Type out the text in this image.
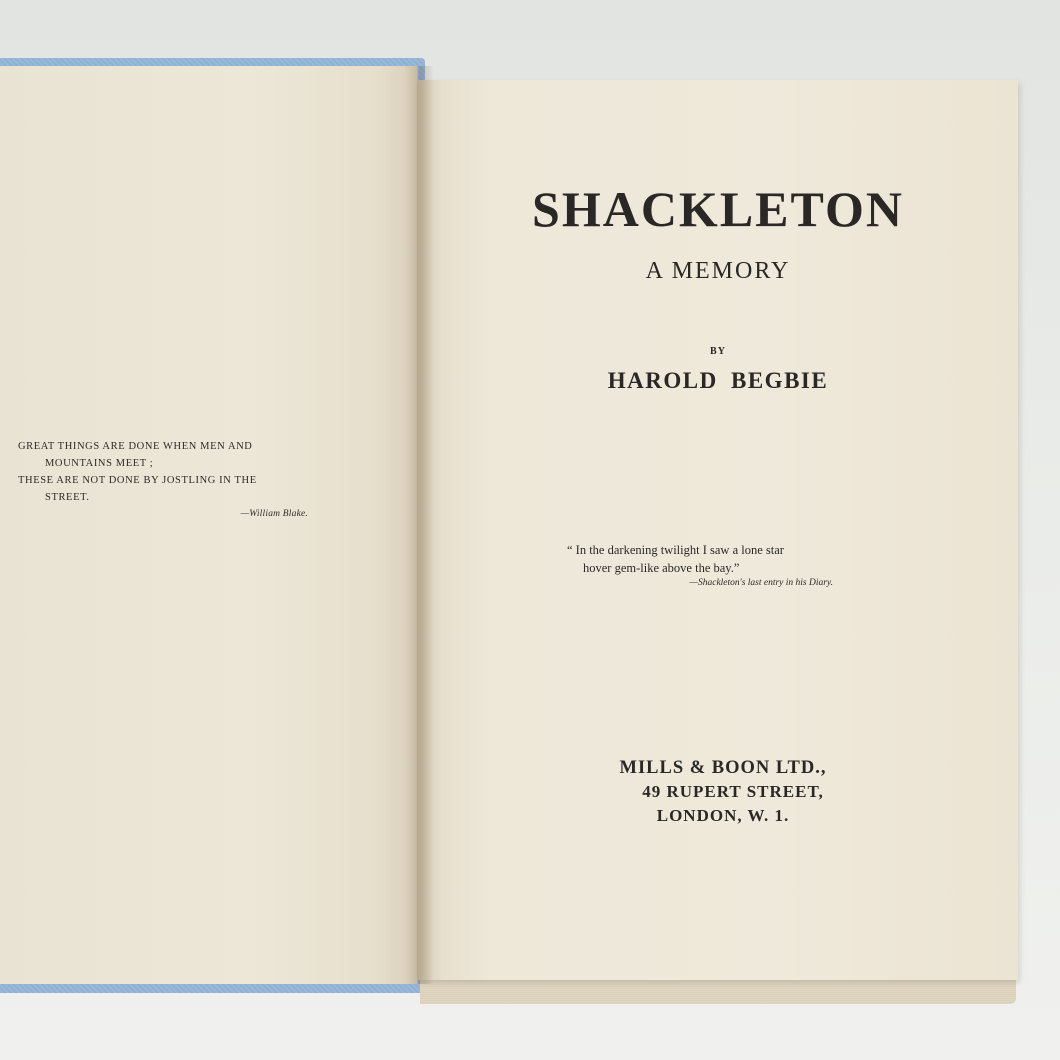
GREAT THINGS ARE DONE WHEN MEN AND
MOUNTAINS MEET ;
THESE ARE NOT DONE BY JOSTLING IN THE
STREET.
—William Blake.
SHACKLETON
A MEMORY
BY
HAROLD BEGBIE
“ In the darkening twilight I saw a lone star
hover gem-like above the bay.”
—Shackleton's last entry in his Diary.
MILLS & BOON LTD.,
49 RUPERT STREET,
LONDON, W. 1.
